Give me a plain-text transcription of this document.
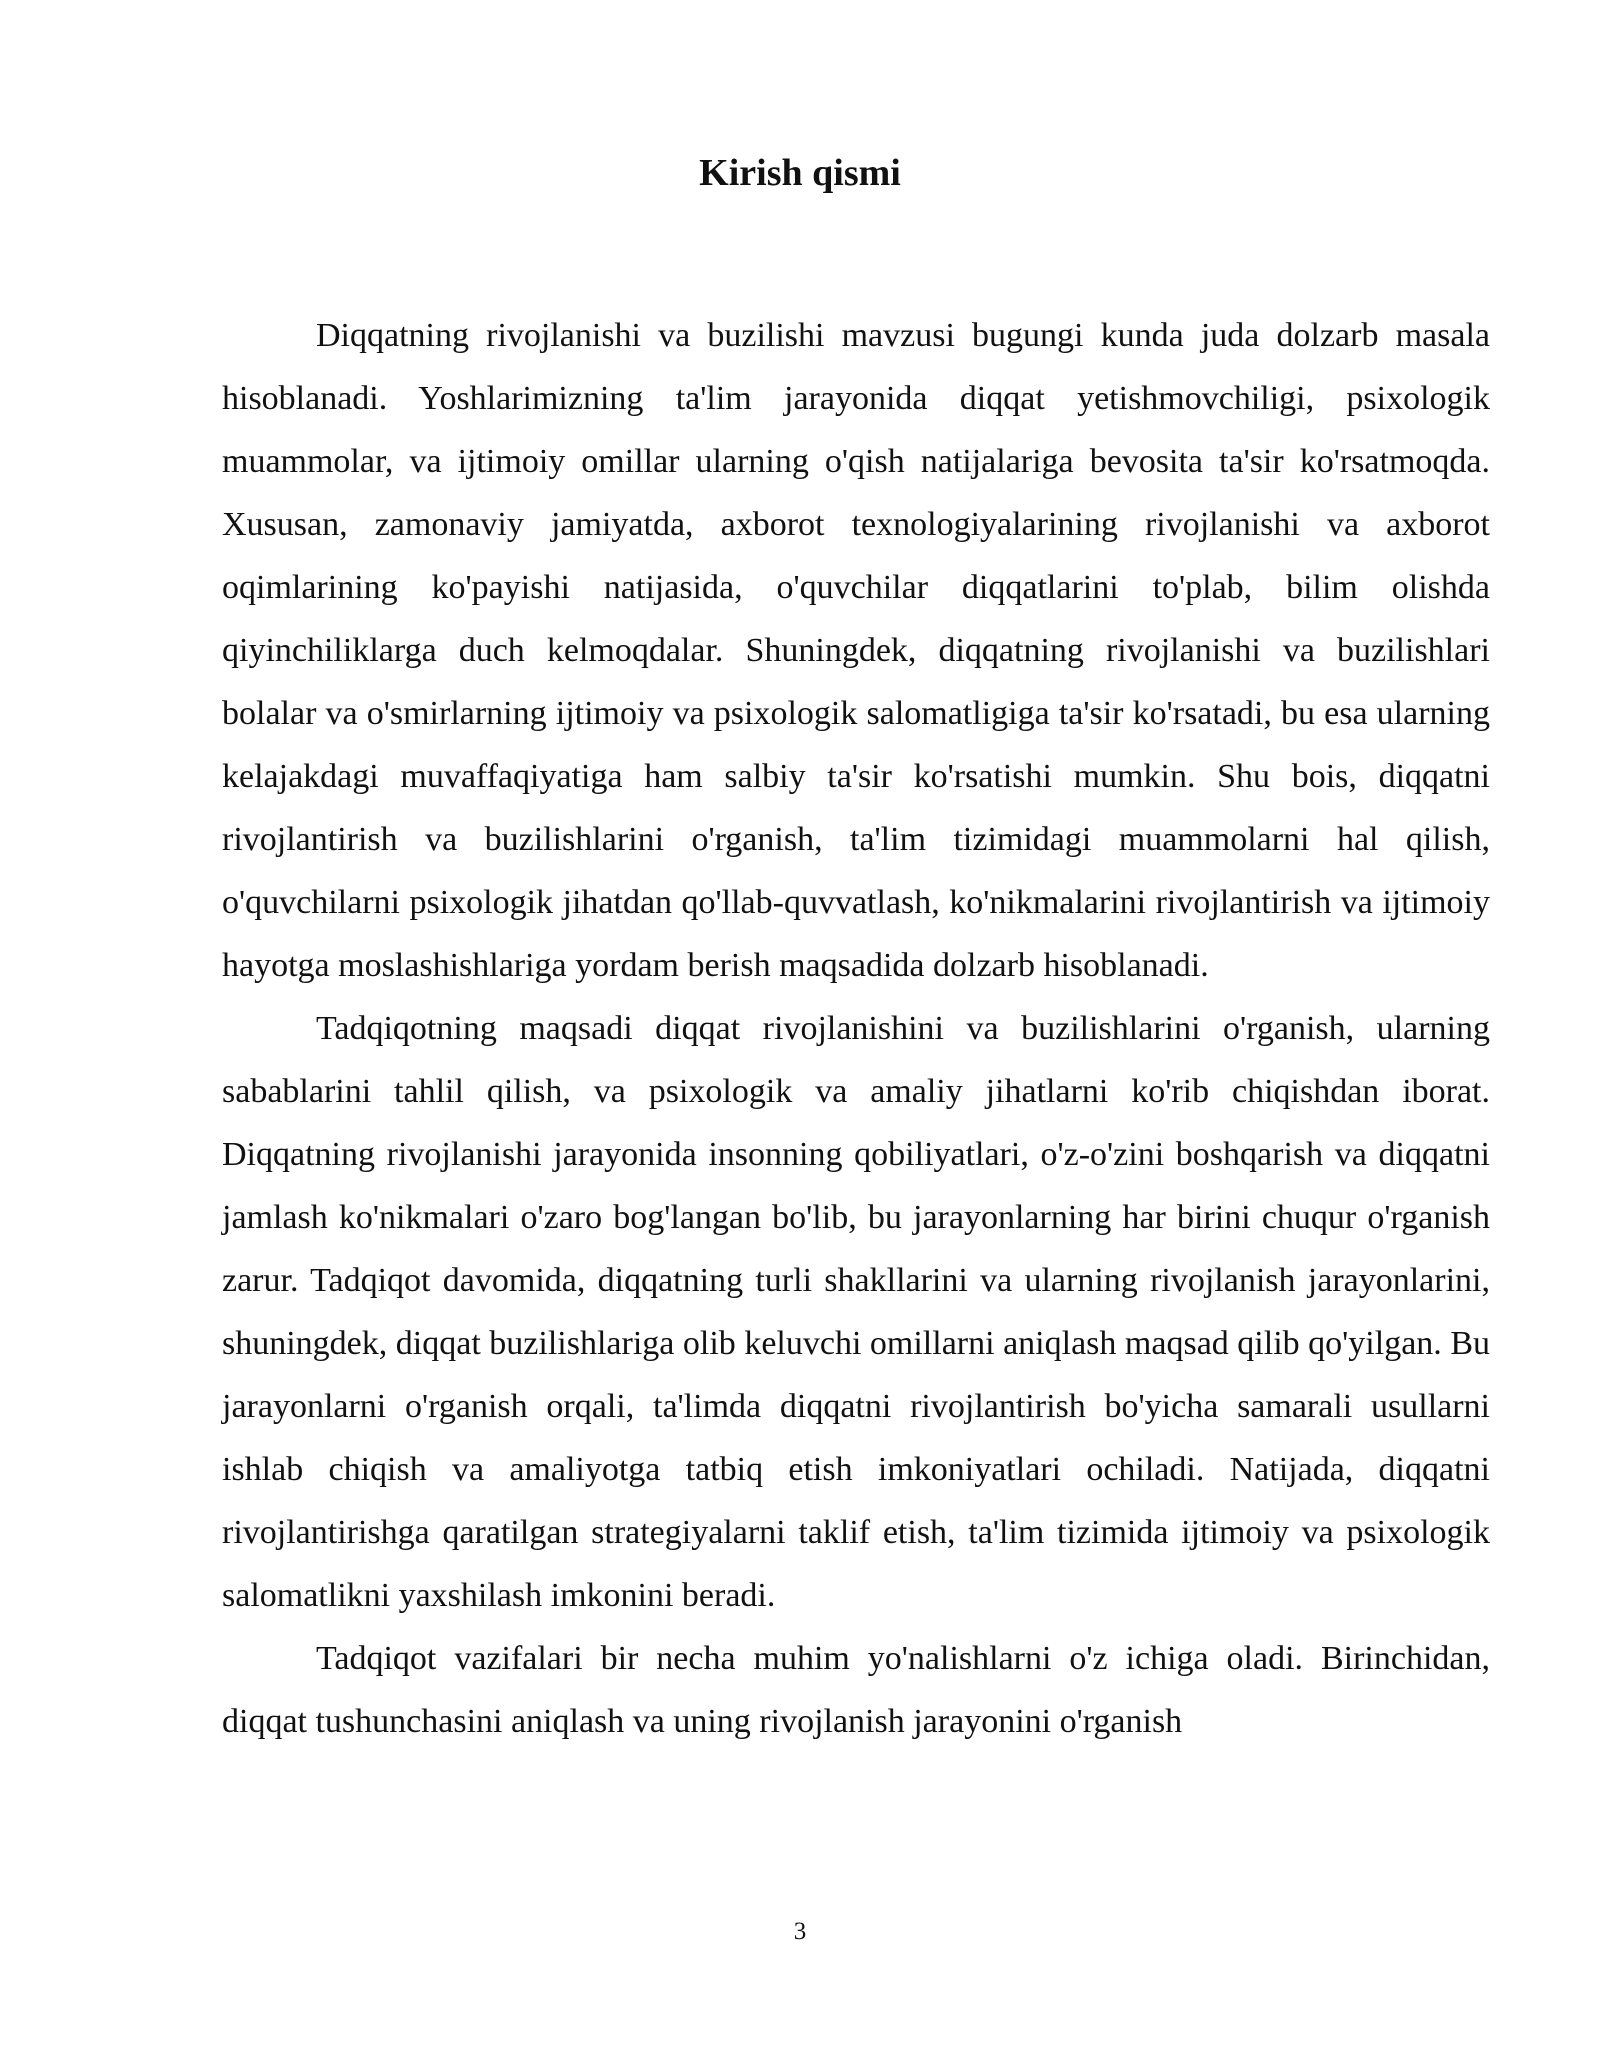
Kirish qismi

Diqqatning rivojlanishi va buzilishi mavzusi bugungi kunda juda dolzarb masala hisoblanadi. Yoshlarimizning ta'lim jarayonida diqqat yetishmovchiligi, psixologik muammolar, va ijtimoiy omillar ularning o'qish natijalariga bevosita ta'sir ko'rsatmoqda. Xususan, zamonaviy jamiyatda, axborot texnologiyalarining rivojlanishi va axborot oqimlarining ko'payishi natijasida, o'quvchilar diqqatlarini to'plab, bilim olishda qiyinchiliklarga duch kelmoqdalar. Shuningdek, diqqatning rivojlanishi va buzilishlari bolalar va o'smirlarning ijtimoiy va psixologik salomatligiga ta'sir ko'rsatadi, bu esa ularning kelajakdagi muvaffaqiyatiga ham salbiy ta'sir ko'rsatishi mumkin. Shu bois, diqqatni rivojlantirish va buzilishlarini o'rganish, ta'lim tizimidagi muammolarni hal qilish, o'quvchilarni psixologik jihatdan qo'llab-quvvatlash, ko'nikmalarini rivojlantirish va ijtimoiy hayotga moslashishlariga yordam berish maqsadida dolzarb hisoblanadi.

Tadqiqotning maqsadi diqqat rivojlanishini va buzilishlarini o'rganish, ularning sabablarini tahlil qilish, va psixologik va amaliy jihatlarni ko'rib chiqishdan iborat. Diqqatning rivojlanishi jarayonida insonning qobiliyatlari, o'z-o'zini boshqarish va diqqatni jamlash ko'nikmalari o'zaro bog'langan bo'lib, bu jarayonlarning har birini chuqur o'rganish zarur. Tadqiqot davomida, diqqatning turli shakllarini va ularning rivojlanish jarayonlarini, shuningdek, diqqat buzilishlariga olib keluvchi omillarni aniqlash maqsad qilib qo'yilgan. Bu jarayonlarni o'rganish orqali, ta'limda diqqatni rivojlantirish bo'yicha samarali usullarni ishlab chiqish va amaliyotga tatbiq etish imkoniyatlari ochiladi. Natijada, diqqatni rivojlantirishga qaratilgan strategiyalarni taklif etish, ta'lim tizimida ijtimoiy va psixologik salomatlikni yaxshilash imkonini beradi.

Tadqiqot vazifalari bir necha muhim yo'nalishlarni o'z ichiga oladi. Birinchidan, diqqat tushunchasini aniqlash va uning rivojlanish jarayonini o'rganish

3
